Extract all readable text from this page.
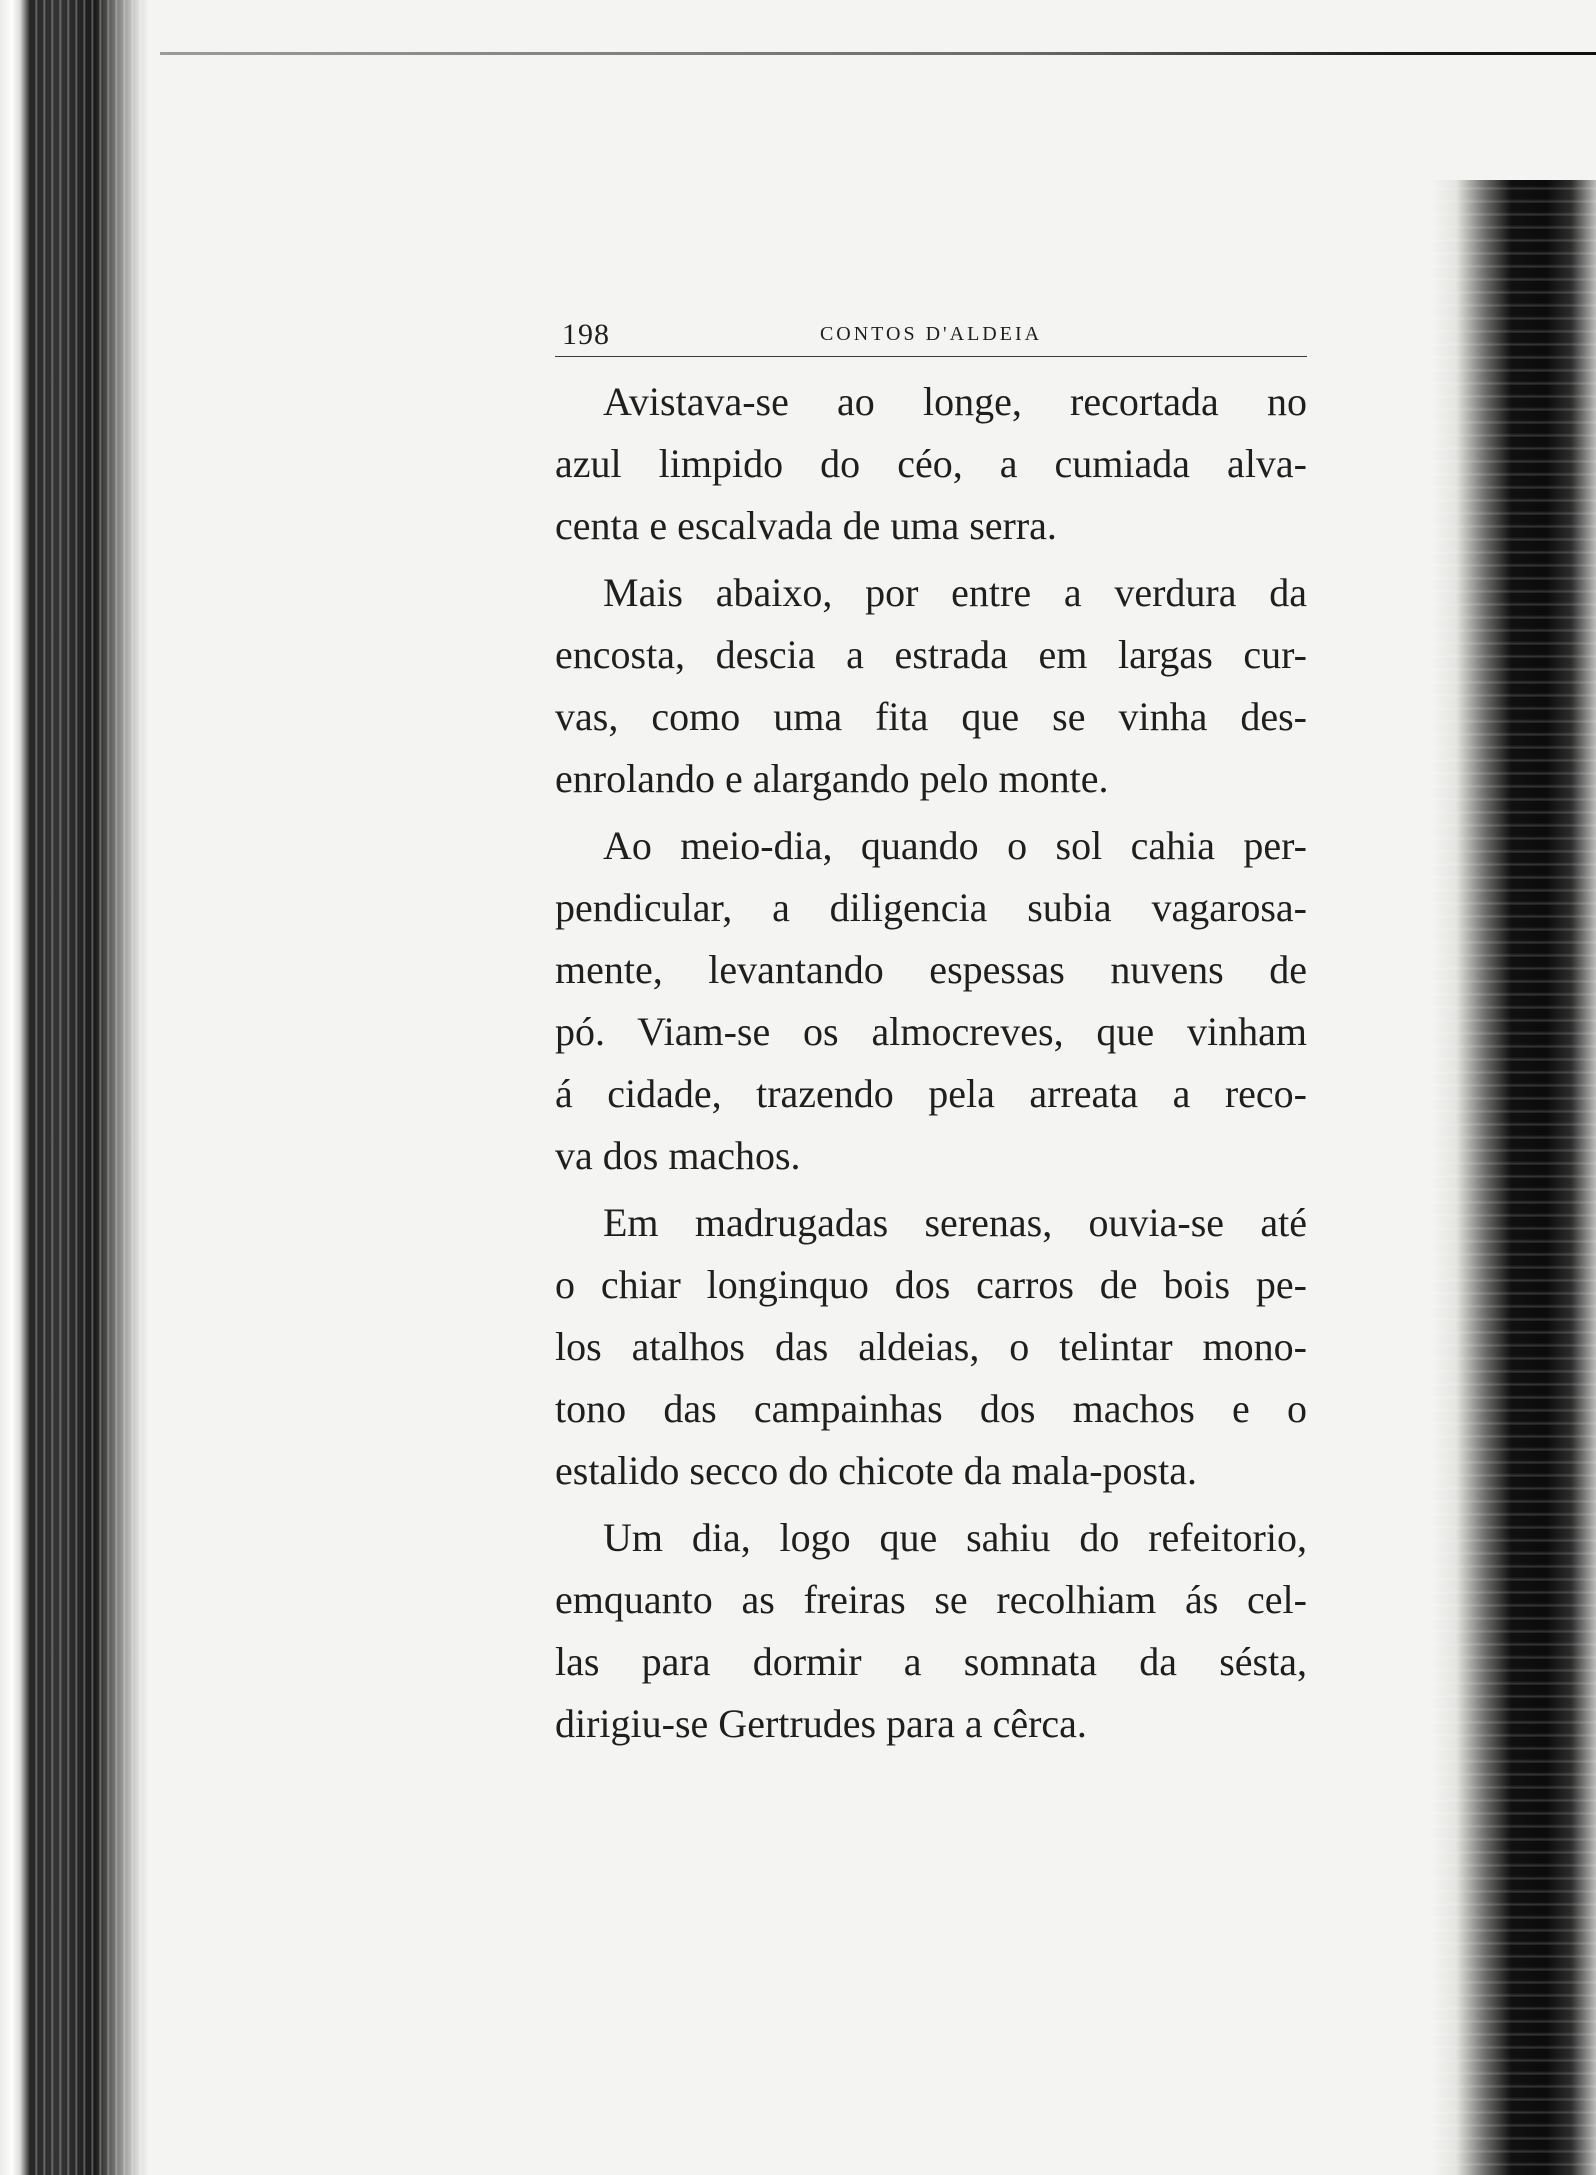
198	CONTOS D'ALDEIA

Avistava-se ao longe, recortada no
azul limpido do céo, a cumiada alva-
centa e escalvada de uma serra.

Mais abaixo, por entre a verdura da
encosta, descia a estrada em largas cur-
vas, como uma fita que se vinha des-
enrolando e alargando pelo monte.

Ao meio-dia, quando o sol cahia per-
pendicular, a diligencia subia vagarosa-
mente, levantando espessas nuvens de
pó. Viam-se os almocreves, que vinham
á cidade, trazendo pela arreata a reco-
va dos machos.

Em madrugadas serenas, ouvia-se até
o chiar longinquo dos carros de bois pe-
los atalhos das aldeias, o telintar mono-
tono das campainhas dos machos e o
estalido secco do chicote da mala-posta.

Um dia, logo que sahiu do refeitorio,
emquanto as freiras se recolhiam ás cel-
las para dormir a somnata da sésta,
dirigiu-se Gertrudes para a cêrca.
